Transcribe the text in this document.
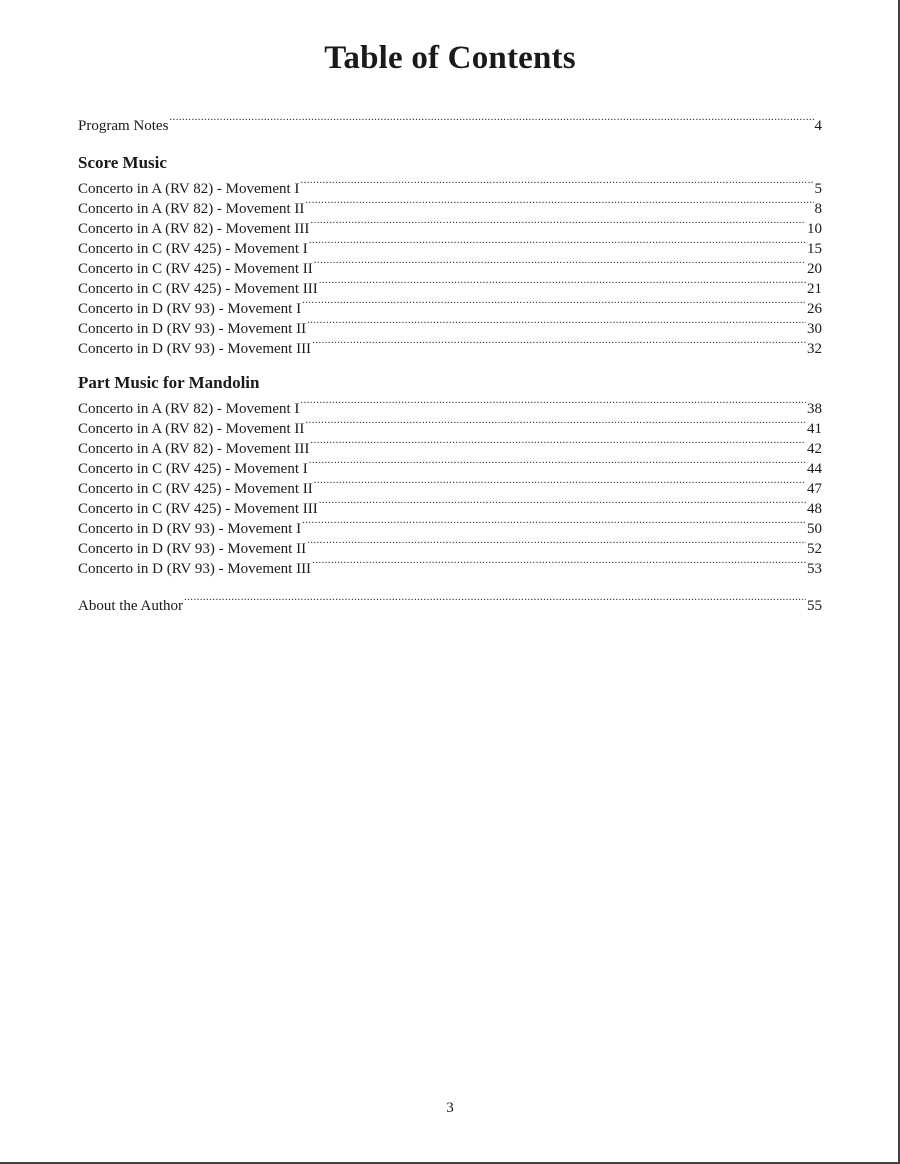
Table of Contents
Program Notes .....	4
Score Music
Concerto in A (RV 82) - Movement I .....	5
Concerto in A (RV 82) - Movement II .....	8
Concerto in A (RV 82) - Movement III .....	10
Concerto in C (RV 425) - Movement I .....	15
Concerto in C (RV 425) - Movement II .....	20
Concerto in C (RV 425) - Movement III .....	21
Concerto in D (RV 93) - Movement I .....	26
Concerto in D (RV 93) - Movement II .....	30
Concerto in D (RV 93) - Movement III .....	32
Part Music for Mandolin
Concerto in A (RV 82) - Movement I .....	38
Concerto in A (RV 82) - Movement II .....	41
Concerto in A (RV 82) - Movement III .....	42
Concerto in C (RV 425) - Movement I .....	44
Concerto in C (RV 425) - Movement II .....	47
Concerto in C (RV 425) - Movement III .....	48
Concerto in D (RV 93) - Movement I .....	50
Concerto in D (RV 93) - Movement II .....	52
Concerto in D (RV 93) - Movement III .....	53
About the Author .....	55
3
